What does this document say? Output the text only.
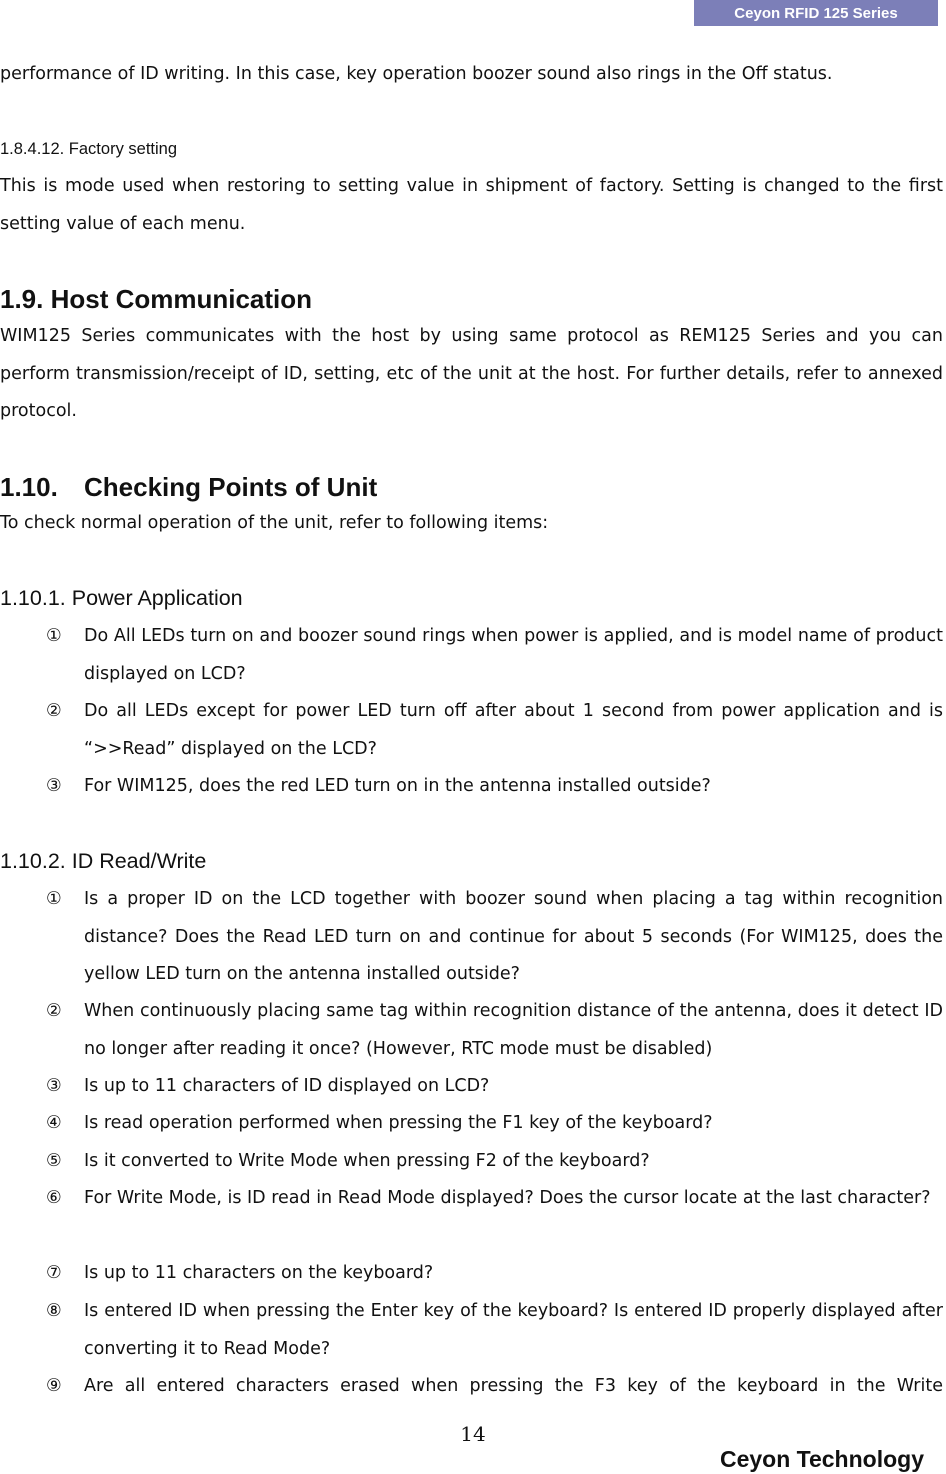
Ceyon RFID 125 Series

performance of ID writing. In this case, key operation boozer sound also rings in the Off status.

1.8.4.12. Factory setting

This is mode used when restoring to setting value in shipment of factory. Setting is changed to the first setting value of each menu.

1.9. Host Communication

WIM125 Series communicates with the host by using same protocol as REM125 Series and you can perform transmission/receipt of ID, setting, etc of the unit at the host. For further details, refer to annexed protocol.

1.10. Checking Points of Unit

To check normal operation of the unit, refer to following items:

1.10.1. Power Application
① Do All LEDs turn on and boozer sound rings when power is applied, and is model name of product displayed on LCD?

② Do all LEDs except for power LED turn off after about 1 second from power application and is “>>Read” displayed on the LCD?

③ For WIM125, does the red LED turn on in the antenna installed outside?

1.10.2. ID Read/Write
① Is a proper ID on the LCD together with boozer sound when placing a tag within recognition distance? Does the Read LED turn on and continue for about 5 seconds (For WIM125, does the yellow LED turn on the antenna installed outside?

② When continuously placing same tag within recognition distance of the antenna, does it detect ID no longer after reading it once? (However, RTC mode must be disabled)

③ Is up to 11 characters of ID displayed on LCD?

④ Is read operation performed when pressing the F1 key of the keyboard?

⑤ Is it converted to Write Mode when pressing F2 of the keyboard?

⑥ For Write Mode, is ID read in Read Mode displayed? Does the cursor locate at the last character?

⑦ Is up to 11 characters on the keyboard?

⑧ Is entered ID when pressing the Enter key of the keyboard? Is entered ID properly displayed after converting it to Read Mode?

⑨ Are all entered characters erased when pressing the F3 key of the keyboard in the Write

14
Ceyon Technology
